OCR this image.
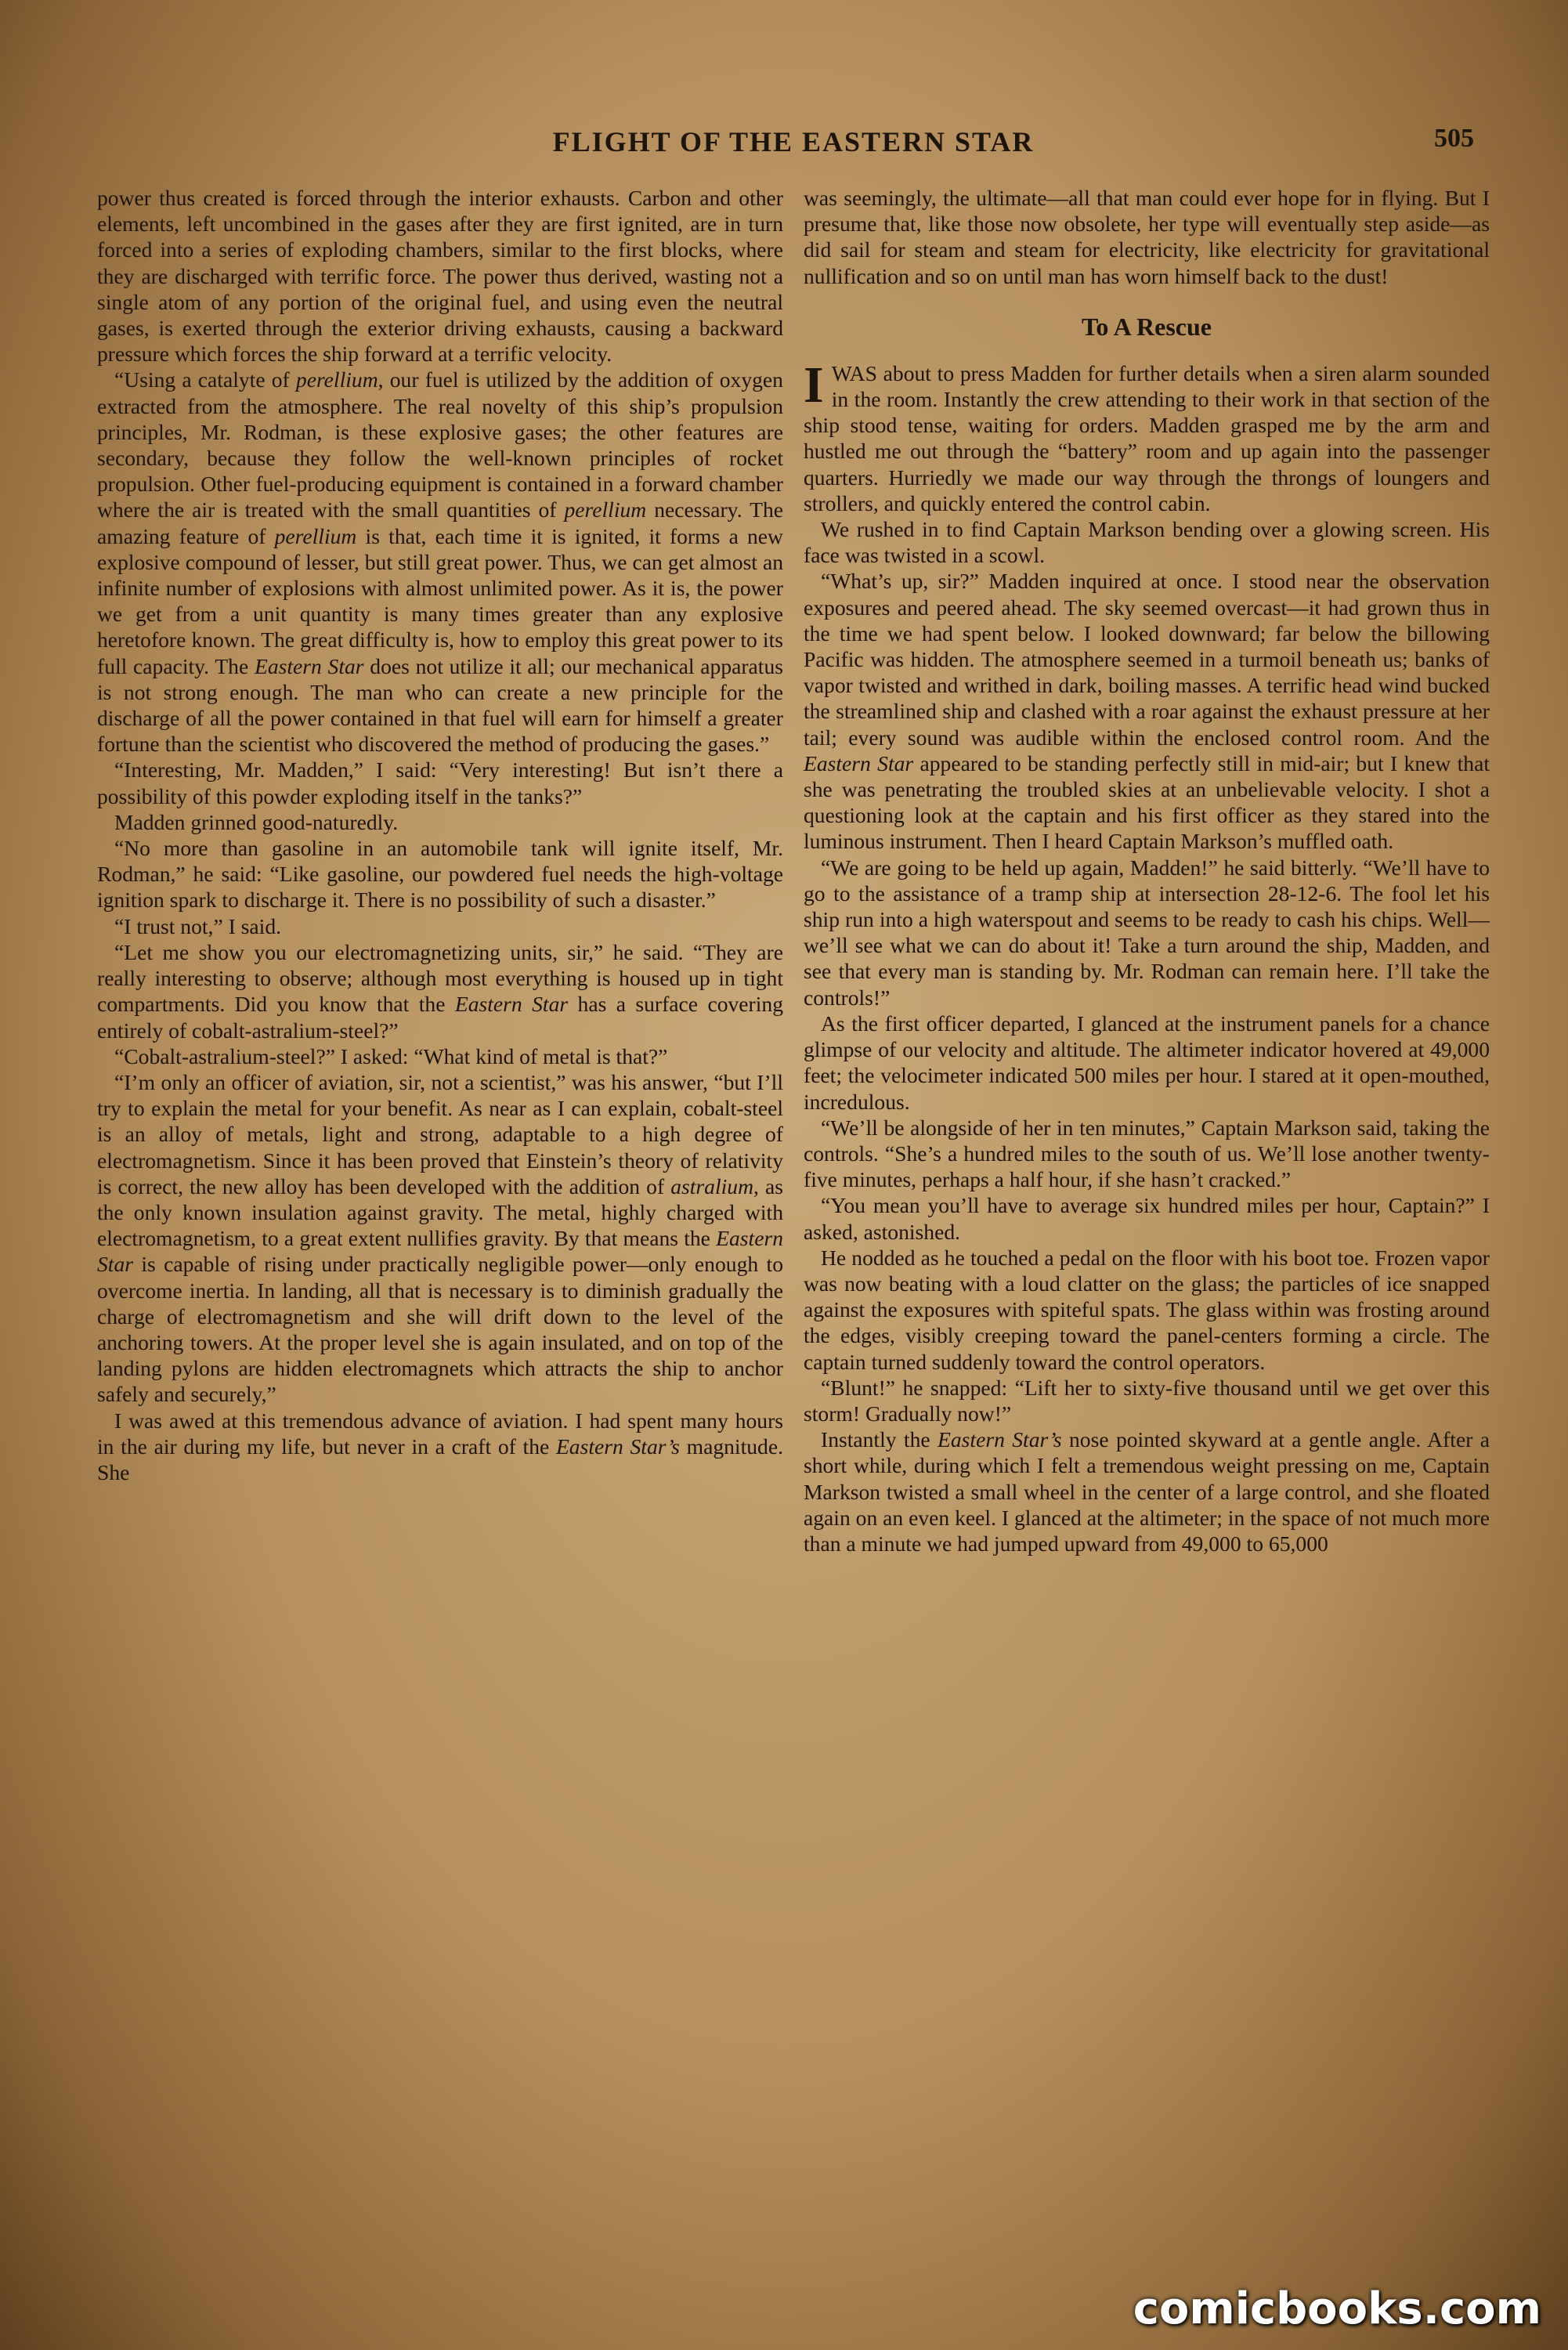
FLIGHT OF THE EASTERN STAR	505

power thus created is forced through the interior exhausts. Carbon and other elements, left uncombined in the gases after they are first ignited, are in turn forced into a series of exploding chambers, similar to the first blocks, where they are discharged with terrific force. The power thus derived, wasting not a single atom of any portion of the original fuel, and using even the neutral gases, is exerted through the exterior driving exhausts, causing a backward pressure which forces the ship forward at a terrific velocity.

“Using a catalyte of perellium, our fuel is utilized by the addition of oxygen extracted from the atmosphere. The real novelty of this ship’s propulsion principles, Mr. Rodman, is these explosive gases; the other features are secondary, because they follow the well-known principles of rocket propulsion. Other fuel-producing equipment is contained in a forward chamber where the air is treated with the small quantities of perellium necessary. The amazing feature of perellium is that, each time it is ignited, it forms a new explosive compound of lesser, but still great power. Thus, we can get almost an infinite number of explosions with almost unlimited power. As it is, the power we get from a unit quantity is many times greater than any explosive heretofore known. The great difficulty is, how to employ this great power to its full capacity. The Eastern Star does not utilize it all; our mechanical apparatus is not strong enough. The man who can create a new principle for the discharge of all the power contained in that fuel will earn for himself a greater fortune than the scientist who discovered the method of producing the gases.”

“Interesting, Mr. Madden,” I said: “Very interesting! But isn’t there a possibility of this powder exploding itself in the tanks?”

Madden grinned good-naturedly.

“No more than gasoline in an automobile tank will ignite itself, Mr. Rodman,” he said: “Like gasoline, our powdered fuel needs the high-voltage ignition spark to discharge it. There is no possibility of such a disaster.”

“I trust not,” I said.

“Let me show you our electromagnetizing units, sir,” he said. “They are really interesting to observe; although most everything is housed up in tight compartments. Did you know that the Eastern Star has a surface covering entirely of cobalt-astralium-steel?”

“Cobalt-astralium-steel?” I asked: “What kind of metal is that?”

“I’m only an officer of aviation, sir, not a scientist,” was his answer, “but I’ll try to explain the metal for your benefit. As near as I can explain, cobalt-steel is an alloy of metals, light and strong, adaptable to a high degree of electromagnetism. Since it has been proved that Einstein’s theory of relativity is correct, the new alloy has been developed with the addition of astralium, as the only known insulation against gravity. The metal, highly charged with electromagnetism, to a great extent nullifies gravity. By that means the Eastern Star is capable of rising under practically negligible power—only enough to overcome inertia. In landing, all that is necessary is to diminish gradually the charge of electromagnetism and she will drift down to the level of the anchoring towers. At the proper level she is again insulated, and on top of the landing pylons are hidden electromagnets which attracts the ship to anchor safely and securely,”

I was awed at this tremendous advance of aviation. I had spent many hours in the air during my life, but never in a craft of the Eastern Star’s magnitude. She

was seemingly, the ultimate—all that man could ever hope for in flying. But I presume that, like those now obsolete, her type will eventually step aside—as did sail for steam and steam for electricity, like electricity for gravitational nullification and so on until man has worn himself back to the dust!

To A Rescue

IWAS about to press Madden for further details when a siren alarm sounded in the room. Instantly the crew attending to their work in that section of the ship stood tense, waiting for orders. Madden grasped me by the arm and hustled me out through the “battery” room and up again into the passenger quarters. Hurriedly we made our way through the throngs of loungers and strollers, and quickly entered the control cabin.

We rushed in to find Captain Markson bending over a glowing screen. His face was twisted in a scowl.

“What’s up, sir?” Madden inquired at once. I stood near the observation exposures and peered ahead. The sky seemed overcast—it had grown thus in the time we had spent below. I looked downward; far below the billowing Pacific was hidden. The atmosphere seemed in a turmoil beneath us; banks of vapor twisted and writhed in dark, boiling masses. A terrific head wind bucked the streamlined ship and clashed with a roar against the exhaust pressure at her tail; every sound was audible within the enclosed control room. And the Eastern Star appeared to be standing perfectly still in mid-air; but I knew that she was penetrating the troubled skies at an unbelievable velocity. I shot a questioning look at the captain and his first officer as they stared into the luminous instrument. Then I heard Captain Markson’s muffled oath.

“We are going to be held up again, Madden!” he said bitterly. “We’ll have to go to the assistance of a tramp ship at intersection 28-12-6. The fool let his ship run into a high waterspout and seems to be ready to cash his chips. Well—we’ll see what we can do about it! Take a turn around the ship, Madden, and see that every man is standing by. Mr. Rodman can remain here. I’ll take the controls!”

As the first officer departed, I glanced at the instrument panels for a chance glimpse of our velocity and altitude. The altimeter indicator hovered at 49,000 feet; the velocimeter indicated 500 miles per hour. I stared at it open-mouthed, incredulous.

“We’ll be alongside of her in ten minutes,” Captain Markson said, taking the controls. “She’s a hundred miles to the south of us. We’ll lose another twenty-five minutes, perhaps a half hour, if she hasn’t cracked.”

“You mean you’ll have to average six hundred miles per hour, Captain?” I asked, astonished.

He nodded as he touched a pedal on the floor with his boot toe. Frozen vapor was now beating with a loud clatter on the glass; the particles of ice snapped against the exposures with spiteful spats. The glass within was frosting around the edges, visibly creeping toward the panel-centers forming a circle. The captain turned suddenly toward the control operators.

“Blunt!” he snapped: “Lift her to sixty-five thousand until we get over this storm! Gradually now!”

Instantly the Eastern Star’s nose pointed skyward at a gentle angle. After a short while, during which I felt a tremendous weight pressing on me, Captain Markson twisted a small wheel in the center of a large control, and she floated again on an even keel. I glanced at the altimeter; in the space of not much more than a minute we had jumped upward from 49,000 to 65,000

comicbooks.com
